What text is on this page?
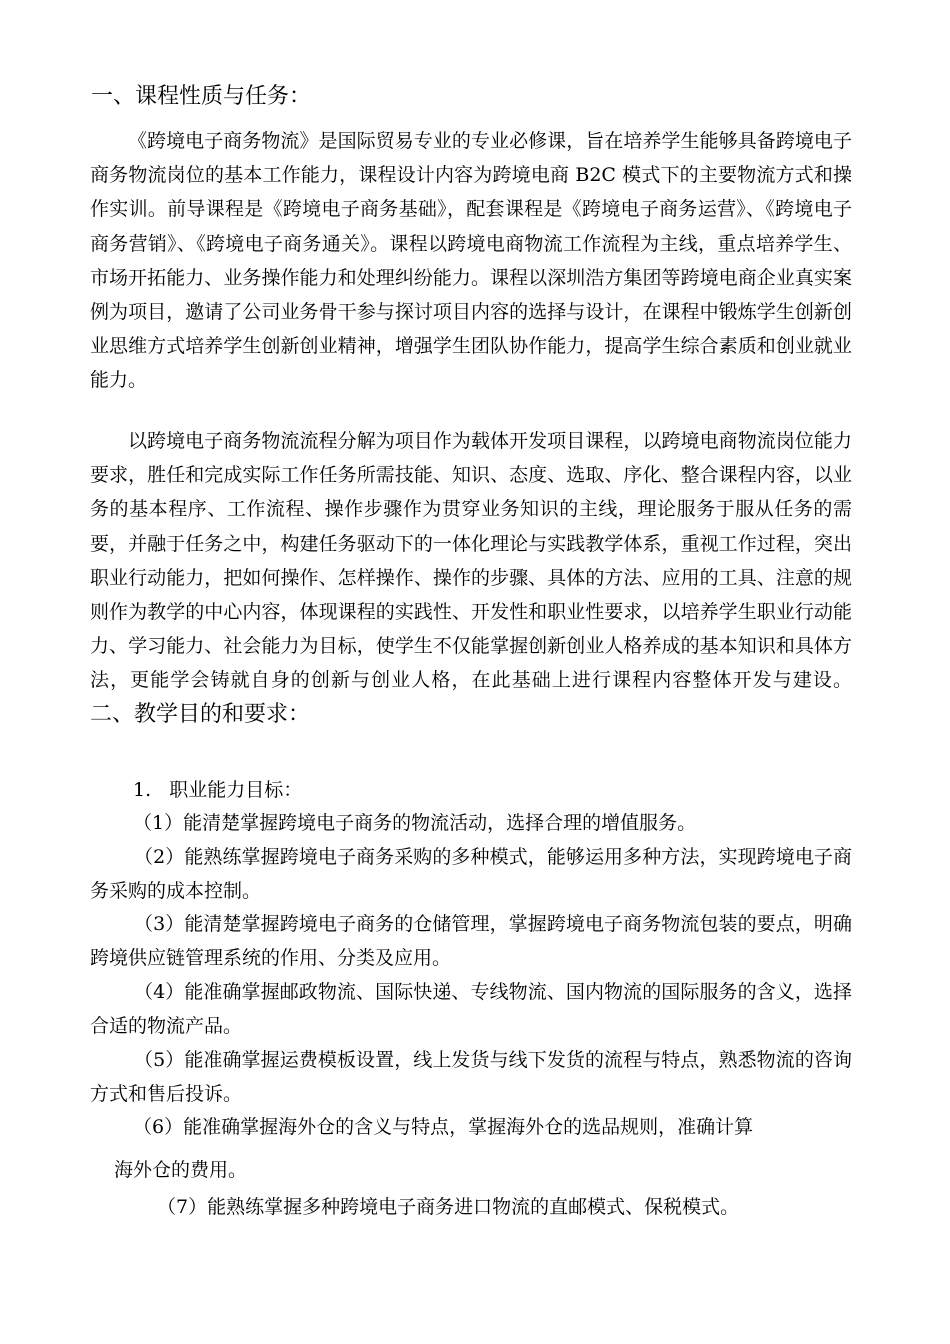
一、课程性质与任务：

《跨境电子商务物流》是国际贸易专业的专业必修课，旨在培养学生能够具备跨境电子商务物流岗位的基本工作能力，课程设计内容为跨境电商 B2C 模式下的主要物流方式和操作实训。前导课程是《跨境电子商务基础》，配套课程是《跨境电子商务运营》、《跨境电子商务营销》、《跨境电子商务通关》。课程以跨境电商物流工作流程为主线，重点培养学生、市场开拓能力、业务操作能力和处理纠纷能力。课程以深圳浩方集团等跨境电商企业真实案例为项目，邀请了公司业务骨干参与探讨项目内容的选择与设计，在课程中锻炼学生创新创业思维方式培养学生创新创业精神，增强学生团队协作能力，提高学生综合素质和创业就业能力。

以跨境电子商务物流流程分解为项目作为载体开发项目课程，以跨境电商物流岗位能力要求，胜任和完成实际工作任务所需技能、知识、态度、选取、序化、整合课程内容，以业务的基本程序、工作流程、操作步骤作为贯穿业务知识的主线，理论服务于服从任务的需要，并融于任务之中，构建任务驱动下的一体化理论与实践教学体系，重视工作过程，突出职业行动能力，把如何操作、怎样操作、操作的步骤、具体的方法、应用的工具、注意的规则作为教学的中心内容，体现课程的实践性、开发性和职业性要求，以培养学生职业行动能力、学习能力、社会能力为目标，使学生不仅能掌握创新创业人格养成的基本知识和具体方法，更能学会铸就自身的创新与创业人格，在此基础上进行课程内容整体开发与建设。二、教学目的和要求：

1.   职业能力目标：

（1）能清楚掌握跨境电子商务的物流活动，选择合理的增值服务。

（2）能熟练掌握跨境电子商务采购的多种模式，能够运用多种方法，实现跨境电子商务采购的成本控制。

（3）能清楚掌握跨境电子商务的仓储管理，掌握跨境电子商务物流包装的要点，明确跨境供应链管理系统的作用、分类及应用。

（4）能准确掌握邮政物流、国际快递、专线物流、国内物流的国际服务的含义，选择合适的物流产品。

（5）能准确掌握运费模板设置，线上发货与线下发货的流程与特点，熟悉物流的咨询方式和售后投诉。

（6）能准确掌握海外仓的含义与特点，掌握海外仓的选品规则，准确计算

海外仓的费用。

（7）能熟练掌握多种跨境电子商务进口物流的直邮模式、保税模式。
